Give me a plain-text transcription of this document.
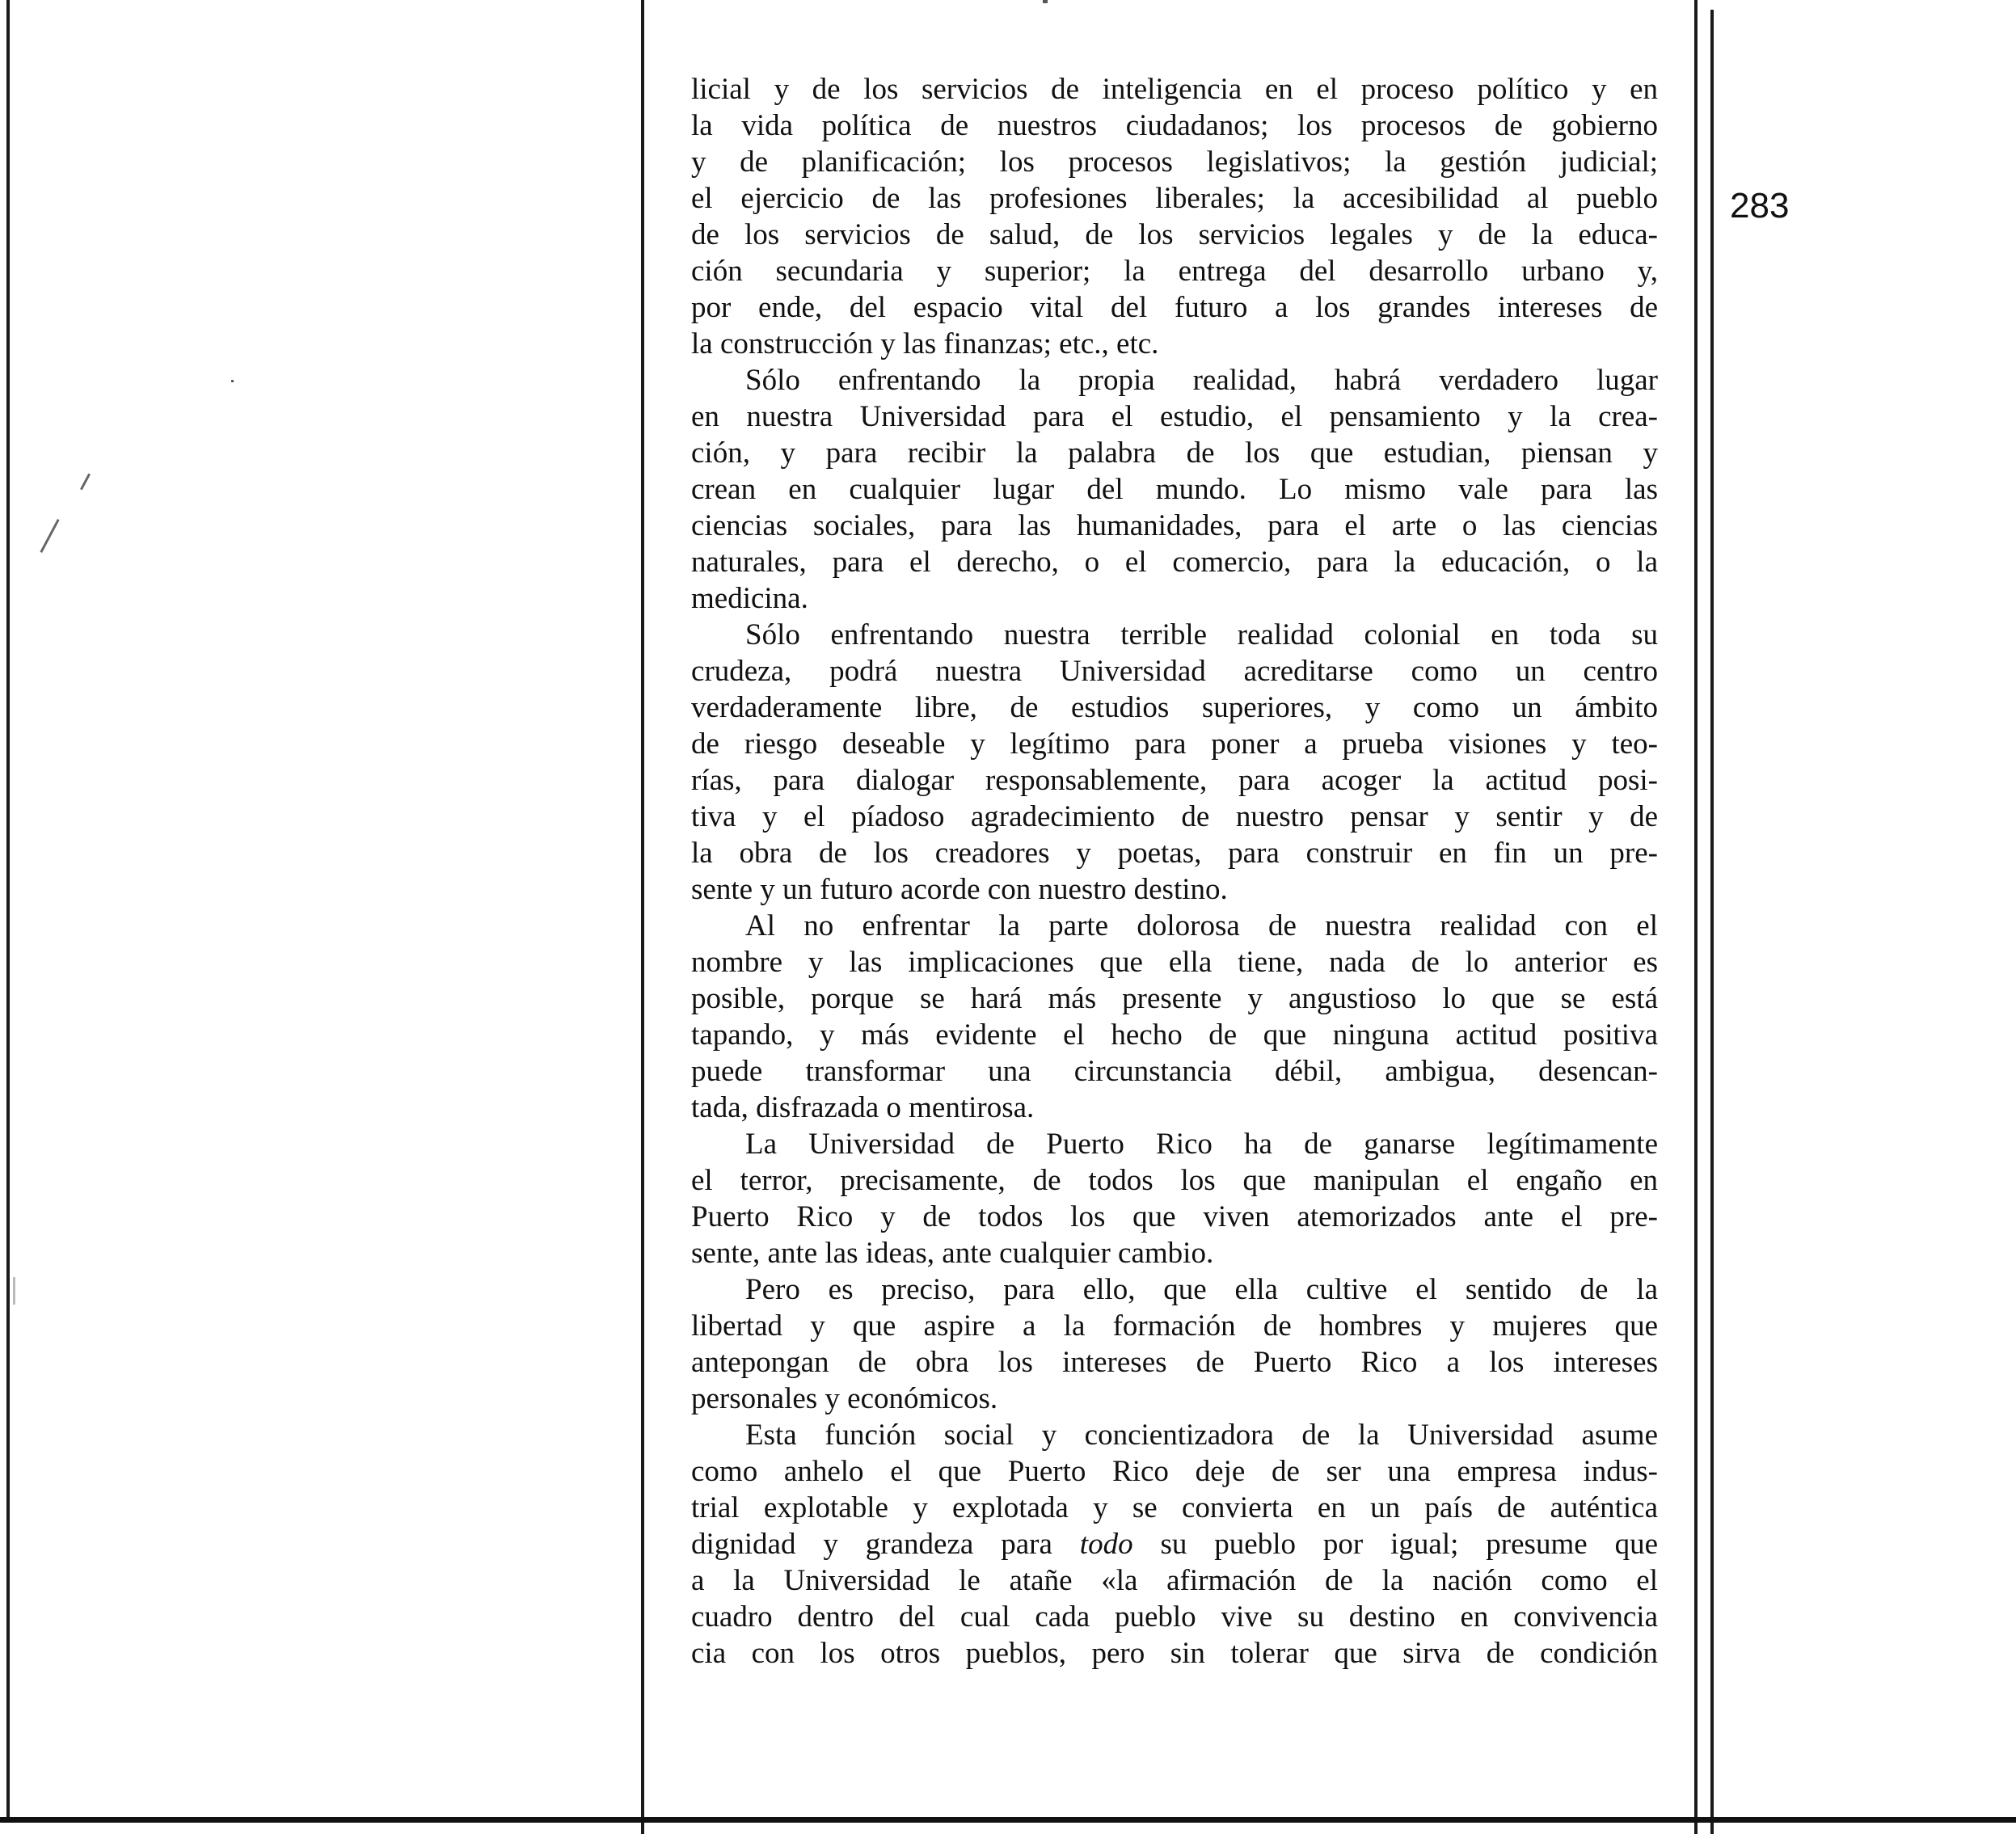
283
licial y de los servicios de inteligencia en el proceso político y en
la vida política de nuestros ciudadanos; los procesos de gobierno
y de planificación; los procesos legislativos; la gestión judicial;
el ejercicio de las profesiones liberales; la accesibilidad al pueblo
de los servicios de salud, de los servicios legales y de la educa-
ción secundaria y superior; la entrega del desarrollo urbano y,
por ende, del espacio vital del futuro a los grandes intereses de
la construcción y las finanzas; etc., etc.
Sólo enfrentando la propia realidad, habrá verdadero lugar
en nuestra Universidad para el estudio, el pensamiento y la crea-
ción, y para recibir la palabra de los que estudian, piensan y
crean en cualquier lugar del mundo. Lo mismo vale para las
ciencias sociales, para las humanidades, para el arte o las ciencias
naturales, para el derecho, o el comercio, para la educación, o la
medicina.
Sólo enfrentando nuestra terrible realidad colonial en toda su
crudeza, podrá nuestra Universidad acreditarse como un centro
verdaderamente libre, de estudios superiores, y como un ámbito
de riesgo deseable y legítimo para poner a prueba visiones y teo-
rías, para dialogar responsablemente, para acoger la actitud posi-
tiva y el píadoso agradecimiento de nuestro pensar y sentir y de
la obra de los creadores y poetas, para construir en fin un pre-
sente y un futuro acorde con nuestro destino.
Al no enfrentar la parte dolorosa de nuestra realidad con el
nombre y las implicaciones que ella tiene, nada de lo anterior es
posible, porque se hará más presente y angustioso lo que se está
tapando, y más evidente el hecho de que ninguna actitud positiva
puede transformar una circunstancia débil, ambigua, desencan-
tada, disfrazada o mentirosa.
La Universidad de Puerto Rico ha de ganarse legítimamente
el terror, precisamente, de todos los que manipulan el engaño en
Puerto Rico y de todos los que viven atemorizados ante el pre-
sente, ante las ideas, ante cualquier cambio.
Pero es preciso, para ello, que ella cultive el sentido de la
libertad y que aspire a la formación de hombres y mujeres que
antepongan de obra los intereses de Puerto Rico a los intereses
personales y económicos.
Esta función social y concientizadora de la Universidad asume
como anhelo el que Puerto Rico deje de ser una empresa indus-
trial explotable y explotada y se convierta en un país de auténtica
dignidad y grandeza para todo su pueblo por igual; presume que
a la Universidad le atañe «la afirmación de la nación como el
cuadro dentro del cual cada pueblo vive su destino en convivencia
cia con los otros pueblos, pero sin tolerar que sirva de condición
